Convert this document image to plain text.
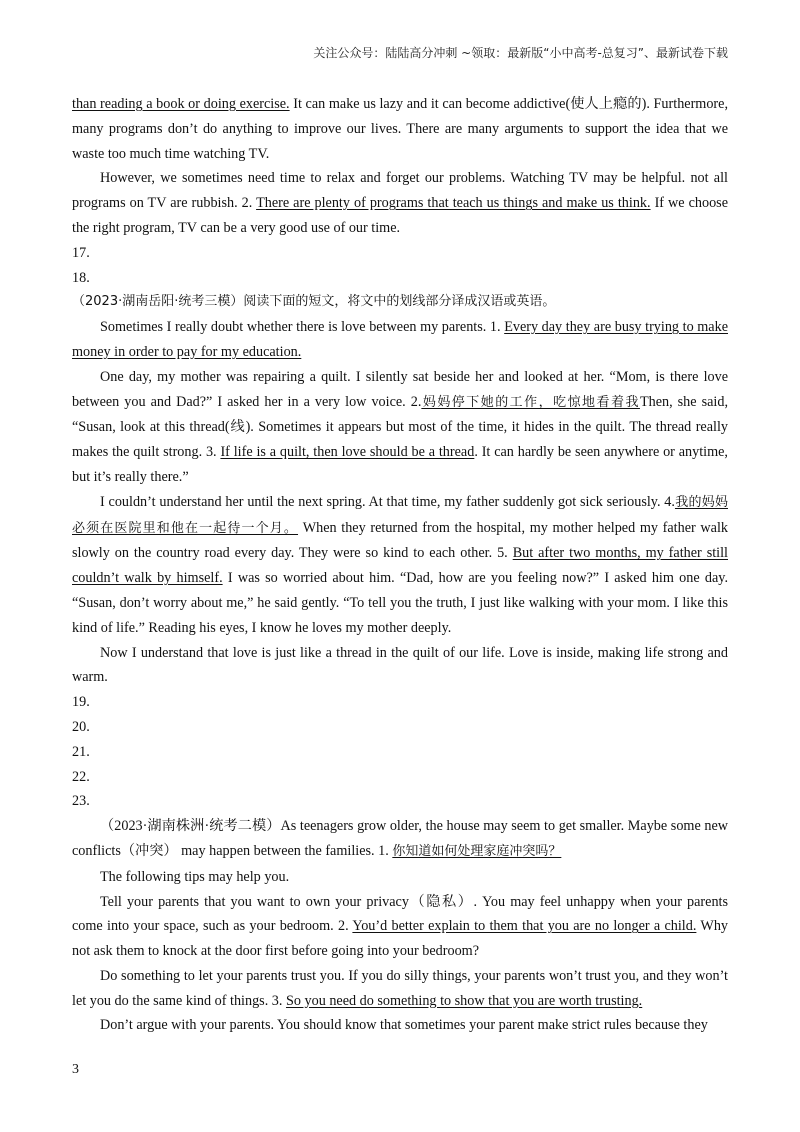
关注公众号：陆陆高分冲刺 ~领取：最新版“小中高考-总复习”、最新试卷下载

than reading a book or doing exercise. It can make us lazy and it can become addictive(使人上瘾的). Furthermore, many programs don’t do anything to improve our lives. There are many arguments to support the idea that we waste too much time watching TV.

However, we sometimes need time to relax and forget our problems. Watching TV may be helpful. not all programs on TV are rubbish. 2. There are plenty of programs that teach us things and make us think. If we choose the right program, TV can be a very good use of our time.

17.

18.

（2023·湖南岳阳·统考三模）阅读下面的短文，将文中的划线部分译成汉语或英语。

Sometimes I really doubt whether there is love between my parents. 1. Every day they are busy trying to make money in order to pay for my education.

One day, my mother was repairing a quilt. I silently sat beside her and looked at her. “Mom, is there love between you and Dad?” I asked her in a very low voice. 2.妈妈停下她的工作，吃惊地看着我Then, she said, “Susan, look at this thread(线). Sometimes it appears but most of the time, it hides in the quilt. The thread really makes the quilt strong. 3. If life is a quilt, then love should be a thread. It can hardly be seen anywhere or anytime, but it’s really there.”

I couldn’t understand her until the next spring. At that time, my father suddenly got sick seriously. 4.我的妈妈必须在医院里和他在一起待一个月。 When they returned from the hospital, my mother helped my father walk slowly on the country road every day. They were so kind to each other. 5. But after two months, my father still couldn’t walk by himself. I was so worried about him. “Dad, how are you feeling now?” I asked him one day. “Susan, don’t worry about me,” he said gently. “To tell you the truth, I just like walking with your mom. I like this kind of life.” Reading his eyes, I know he loves my mother deeply.

Now I understand that love is just like a thread in the quilt of our life. Love is inside, making life strong and warm.

19.

20.

21.

22.

23.

（2023·湖南株洲·统考二模）As teenagers grow older, the house may seem to get smaller. Maybe some new conflicts（冲突） may happen between the families. 1. 你知道如何处理家庭冲突吗？

The following tips may help you.

Tell your parents that you want to own your privacy（隐私）. You may feel unhappy when your parents come into your space, such as your bedroom. 2. You’d better explain to them that you are no longer a child. Why not ask them to knock at the door first before going into your bedroom?

Do something to let your parents trust you. If you do silly things, your parents won’t trust you, and they won’t let you do the same kind of things. 3. So you need do something to show that you are worth trusting.

Don’t argue with your parents. You should know that sometimes your parent make strict rules because they

3
